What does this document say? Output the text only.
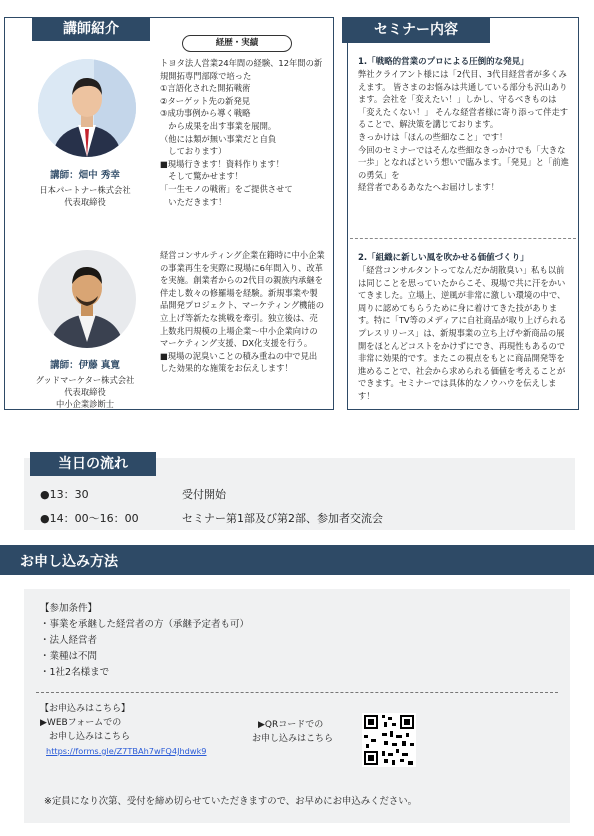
講師紹介
経歴・実績
講師：畑中 秀幸
日本パートナー株式会社
代表取締役
トヨタ法人営業24年間の経験、12年間の新規開拓専門部隊で培った
①言語化された開拓戦術
②ターゲット先の新発見
③成功事例から導く戦略
　から成果を出す事業を展開。
（他には類が無い事業だと自負
　しております）
■現場行きます！資料作ります！
　そして驚かせます！
「一生モノの戦術」をご提供させて
　いただきます！
講師：伊藤 真寛
グッドマーケター株式会社
代表取締役
中小企業診断士
経営コンサルティング企業在籍時に中小企業の事業再生を実際に現場に6年間入り、改革を実施。創業者からの2代目の親族内承継を伴走し数々の修羅場を経験。新規事業や製品開発プロジェクト、マーケティング機能の立上げ等新たな挑戦を牽引。独立後は、売上数兆円規模の上場企業〜中小企業向けのマーケティング支援、DX化支援を行う。
■現場の泥臭いことの積み重ねの中で見出した効果的な施策をお伝えします！
セミナー内容
1.「戦略的営業のプロによる圧倒的な発見」
弊社クライアント様には「2代目、3代目経営者が多くみえます。 皆さまのお悩みは共通している部分も沢山あります。会社を「変えたい！」しかし、守るべきものは「変えたくない！」 そんな経営者様に寄り添って伴走することで、解決策を講じております。
きっかけは「ほんの些細なこと」です！
今回のセミナーではそんな些細なきっかけでも「大きな一歩」となればという想いで臨みます。「発見」と「前進の勇気」を
経営者であるあなたへお届けします！
2.「組織に新しい風を吹かせる価値づくり」
「経営コンサルタントってなんだか胡散臭い」私も以前は同じことを思っていたからこそ、現場で共に汗をかいてきました。立場上、逆風が非常に激しい環境の中で、周りに認めてもらうために身に着けてきた技があります。特に「TV等のメディアに自社商品が取り上げられるプレスリリース」は、新規事業の立ち上げや新商品の展開をほとんどコストをかけずにでき、再現性もあるので非常に効果的です。またこの視点をもとに商品開発等を進めることで、社会から求められる価値を考えることができます。セミナーでは具体的なノウハウを伝えします！
当日の流れ
●13：30	受付開始
●14：00〜16：00	セミナー第1部及び第2部、参加者交流会
お申し込み方法
【参加条件】
・事業を承継した経営者の方（承継予定者も可）
・法人経営者
・業種は不問
・1社2名様まで
【お申込みはこちら】
▶WEBフォームでの
お申し込みはこちら
https://forms.gle/Z7TBAh7wFQ4Jhdwk9
▶QRコードでの
お申し込みはこちら
※定員になり次第、受付を締め切らせていただきますので、お早めにお申込みください。
